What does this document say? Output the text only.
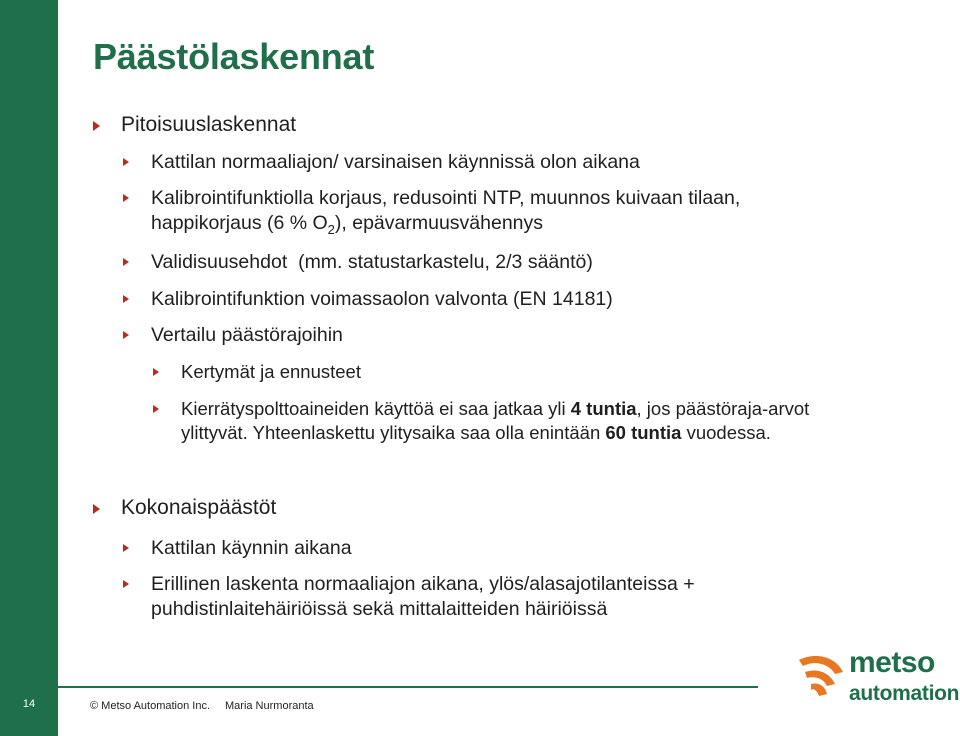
Päästölaskennat
Pitoisuuslaskennat
Kattilan normaaliajon/ varsinaisen käynnissä olon aikana
Kalibrointifunktiolla korjaus, redusointi NTP, muunnos kuivaan tilaan,
happikorjaus (6 % $O_2$), epävarmuusvähennys
Validisuusehdot  (mm. statustarkastelu, 2/3 sääntö)
Kalibrointifunktion voimassaolon valvonta (EN 14181)
Vertailu päästörajoihin
Kertymät ja ennusteet
Kierrätyspolttoaineiden käyttöä ei saa jatkaa yli 4 tuntia, jos päästöraja-arvot
ylittyvät. Yhteenlaskettu ylitysaika saa olla enintään 60 tuntia vuodessa.
Kokonaispäästöt
Kattilan käynnin aikana
Erillinen laskenta normaaliajon aikana, ylös/alasajotilanteissa +
puhdistinlaitehäiriöissä sekä mittalaitteiden häiriöissä
14	© Metso Automation Inc. Maria Nurmoranta
metso
automation
